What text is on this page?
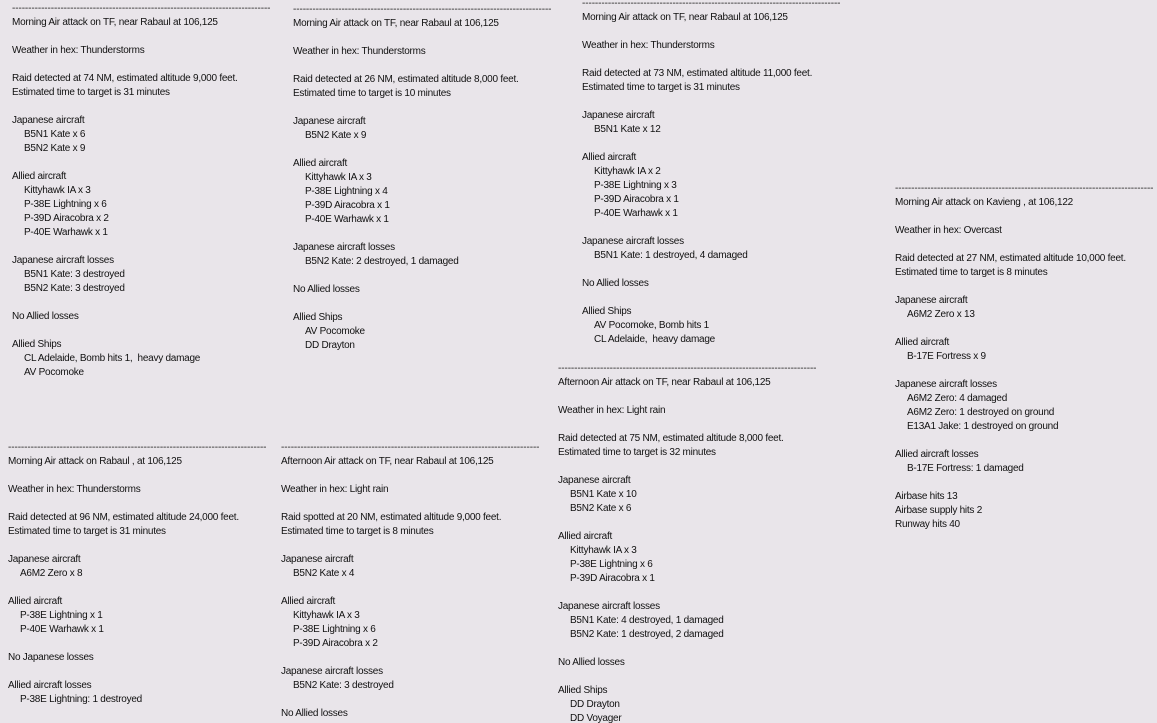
--------------------------------------------------------------------------------
Morning Air attack on TF, near Rabaul at 106,125
Weather in hex: Thunderstorms
Raid detected at 74 NM, estimated altitude 9,000 feet.
Estimated time to target is 31 minutes
Japanese aircraft
B5N1 Kate x 6
B5N2 Kate x 9
Allied aircraft
Kittyhawk IA x 3
P-38E Lightning x 6
P-39D Airacobra x 2
P-40E Warhawk x 1
Japanese aircraft losses
B5N1 Kate: 3 destroyed
B5N2 Kate: 3 destroyed
No Allied losses
Allied Ships
CL Adelaide, Bomb hits 1,  heavy damage
AV Pocomoke
--------------------------------------------------------------------------------
Morning Air attack on TF, near Rabaul at 106,125
Weather in hex: Thunderstorms
Raid detected at 26 NM, estimated altitude 8,000 feet.
Estimated time to target is 10 minutes
Japanese aircraft
B5N2 Kate x 9
Allied aircraft
Kittyhawk IA x 3
P-38E Lightning x 4
P-39D Airacobra x 1
P-40E Warhawk x 1
Japanese aircraft losses
B5N2 Kate: 2 destroyed, 1 damaged
No Allied losses
Allied Ships
AV Pocomoke
DD Drayton
--------------------------------------------------------------------------------
Morning Air attack on TF, near Rabaul at 106,125
Weather in hex: Thunderstorms
Raid detected at 73 NM, estimated altitude 11,000 feet.
Estimated time to target is 31 minutes
Japanese aircraft
B5N1 Kate x 12
Allied aircraft
Kittyhawk IA x 2
P-38E Lightning x 3
P-39D Airacobra x 1
P-40E Warhawk x 1
Japanese aircraft losses
B5N1 Kate: 1 destroyed, 4 damaged
No Allied losses
Allied Ships
AV Pocomoke, Bomb hits 1
CL Adelaide,  heavy damage
--------------------------------------------------------------------------------
Afternoon Air attack on TF, near Rabaul at 106,125
Weather in hex: Light rain
Raid detected at 75 NM, estimated altitude 8,000 feet.
Estimated time to target is 32 minutes
Japanese aircraft
B5N1 Kate x 10
B5N2 Kate x 6
Allied aircraft
Kittyhawk IA x 3
P-38E Lightning x 6
P-39D Airacobra x 1
Japanese aircraft losses
B5N1 Kate: 4 destroyed, 1 damaged
B5N2 Kate: 1 destroyed, 2 damaged
No Allied losses
Allied Ships
DD Drayton
DD Voyager
--------------------------------------------------------------------------------
Morning Air attack on Kavieng , at 106,122
Weather in hex: Overcast
Raid detected at 27 NM, estimated altitude 10,000 feet.
Estimated time to target is 8 minutes
Japanese aircraft
A6M2 Zero x 13
Allied aircraft
B-17E Fortress x 9
Japanese aircraft losses
A6M2 Zero: 4 damaged
A6M2 Zero: 1 destroyed on ground
E13A1 Jake: 1 destroyed on ground
Allied aircraft losses
B-17E Fortress: 1 damaged
Airbase hits 13
Airbase supply hits 2
Runway hits 40
--------------------------------------------------------------------------------
Morning Air attack on Rabaul , at 106,125
Weather in hex: Thunderstorms
Raid detected at 96 NM, estimated altitude 24,000 feet.
Estimated time to target is 31 minutes
Japanese aircraft
A6M2 Zero x 8
Allied aircraft
P-38E Lightning x 1
P-40E Warhawk x 1
No Japanese losses
Allied aircraft losses
P-38E Lightning: 1 destroyed
--------------------------------------------------------------------------------
Afternoon Air attack on TF, near Rabaul at 106,125
Weather in hex: Light rain
Raid spotted at 20 NM, estimated altitude 9,000 feet.
Estimated time to target is 8 minutes
Japanese aircraft
B5N2 Kate x 4
Allied aircraft
Kittyhawk IA x 3
P-38E Lightning x 6
P-39D Airacobra x 2
Japanese aircraft losses
B5N2 Kate: 3 destroyed
No Allied losses
